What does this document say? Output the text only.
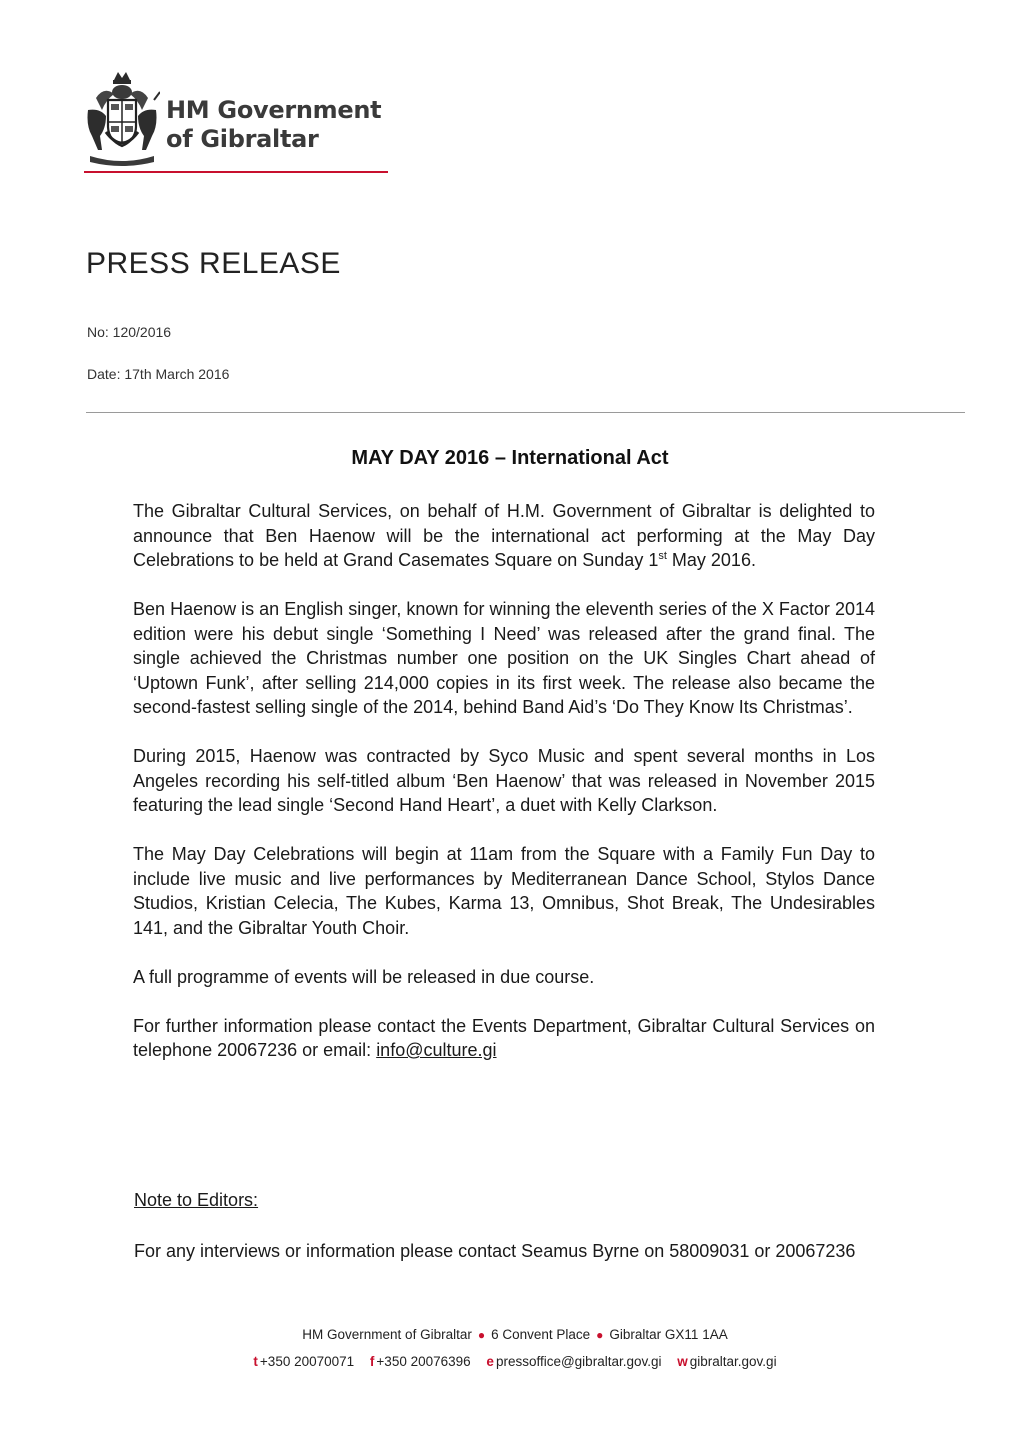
HM Government
of Gibraltar
PRESS RELEASE
No: 120/2016
Date: 17th March 2016
MAY DAY 2016 – International Act

The Gibraltar Cultural Services, on behalf of H.M. Government of Gibraltar is delighted to announce that Ben Haenow will be the international act performing at the May Day Celebrations to be held at Grand Casemates Square on Sunday 1st May 2016.

Ben Haenow is an English singer, known for winning the eleventh series of the X Factor 2014 edition were his debut single ‘Something I Need’ was released after the grand final. The single achieved the Christmas number one position on the UK Singles Chart ahead of ‘Uptown Funk’, after selling 214,000 copies in its first week. The release also became the second-fastest selling single of the 2014, behind Band Aid’s ‘Do They Know Its Christmas’.

During 2015, Haenow was contracted by Syco Music and spent several months in Los Angeles recording his self-titled album ‘Ben Haenow’ that was released in November 2015 featuring the lead single ‘Second Hand Heart’, a duet with Kelly Clarkson.

The May Day Celebrations will begin at 11am from the Square with a Family Fun Day to include live music and live performances by Mediterranean Dance School, Stylos Dance Studios, Kristian Celecia, The Kubes, Karma 13, Omnibus, Shot Break, The Undesirables 141, and the Gibraltar Youth Choir.

A full programme of events will be released in due course.

For further information please contact the Events Department, Gibraltar Cultural Services on telephone 20067236 or email: info@culture.gi

Note to Editors:
For any interviews or information please contact Seamus Byrne on 58009031 or 20067236
HM Government of Gibraltar ● 6 Convent Place ● Gibraltar GX11 1AA
t +350 20070071 f +350 20076396 e pressoffice@gibraltar.gov.gi w gibraltar.gov.gi
